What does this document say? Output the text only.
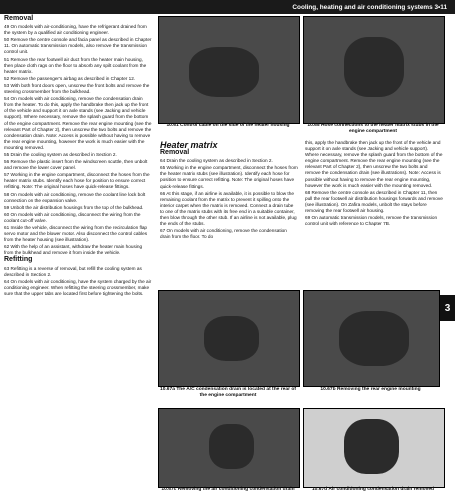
Cooling, heating and air conditioning systems 3•11
Removal

49 On models with air-conditioning, have the refrigerant drained from the system by a qualified air conditioning engineer.

50 Remove the centre console and facia panel as described in Chapter 11. On automatic transmission models, also remove the transmission control unit.

51 Remove the rear footwell air duct from the heater main housing, then place cloth rags on the floor to absorb any spilt coolant from the heater matrix.

52 Remove the passenger's airbag as described in Chapter 12.

53 With both front doors open, unscrew the front bolts and remove the steering crossmember from the bulkhead.

54 On models with air conditioning, remove the condensation drain from the heater. To do this, apply the handbrake then jack up the front of the vehicle and support it on axle stands (see Jacking and vehicle support). Where necessary, remove the splash guard from the bottom of the engine compartment. Remove the rear engine mounting (see the relevant Part of Chapter 2), then unscrew the two bolts and remove the condensation drain. Note: Access is possible without having to remove the rear engine mounting, however the work is much easier with the mounting removed.

55 Drain the cooling system as described in Section 2.

56 Remove the plastic insert from the windscreen scuttle, then unbolt and remove the lower cover panel.

57 Working in the engine compartment, disconnect the hoses from the heater matrix stubs. Identify each hose for position to ensure correct refitting. Note: The original hoses have quick-release fittings.

58 On models with air conditioning, remove the coolant line lock bolt connection on the expansion valve.

59 Unbolt the air distribution housings from the top of the bulkhead.

60 On models with air conditioning, disconnect the wiring from the coolant cut-off valve.

61 Inside the vehicle, disconnect the wiring from the recirculation flap servo motor and the blower motor. Also disconnect the control cables from the heater housing (see illustration).

62 With the help of an assistant, withdraw the heater main housing from the bulkhead and remove it from inside the vehicle.

Refitting

63 Refitting is a reverse of removal, but refill the cooling system as described in Section 2.

64 On models with air conditioning, have the system charged by the air conditioning engineer. When refitting the steering crossmember, make sure that the upper tabs are located first before tightening the bolts.

10.61 Control cable on the side of the heater housing	10.65 Hose connections to the heater matrix stubs in the engine compartment
Heater matrix
Removal

64 Drain the cooling system as described in Section 2.

65 Working in the engine compartment, disconnect the hoses from the heater matrix stubs (see illustration). Identify each hose for position to ensure correct refitting. Note: The original hoses have quick-release fittings.

66 At this stage, if an airline is available, it is possible to blow the remaining coolant from the matrix to prevent it spilling onto the interior carpet when the matrix is removed. Connect a drain tube to one of the matrix stubs with its free end in a suitable container, then blow through the other stub. If an airline is not available, plug the ends of the stubs.

67 On models with air conditioning, remove the condensation drain from the floor. To do

this, apply the handbrake then jack up the front of the vehicle and support it on axle stands (see Jacking and vehicle support). Where necessary, remove the splash guard from the bottom of the engine compartment. Remove the rear engine mounting (see the relevant Part of Chapter 2), then unscrew the two bolts and remove the condensation drain (see illustrations). Note: Access is possible without having to remove the rear engine mounting, however the work is much easier with the mounting removed.

68 Remove the centre console as described in Chapter 11, then pull the rear footwell air distribution housings forwards and remove (see illustration). On Zafira models, unbolt the stays before removing the rear footwell air housing.

69 On automatic transmission models, remove the transmission control unit with reference to Chapter 7B.

10.67a The A/C condensation drain is located at the rear of the engine compartment
10.67b Removing the rear engine mounting
10.67c Removing the air conditioning condensation drain	10.67d Air conditioning condensation drain removed
3
